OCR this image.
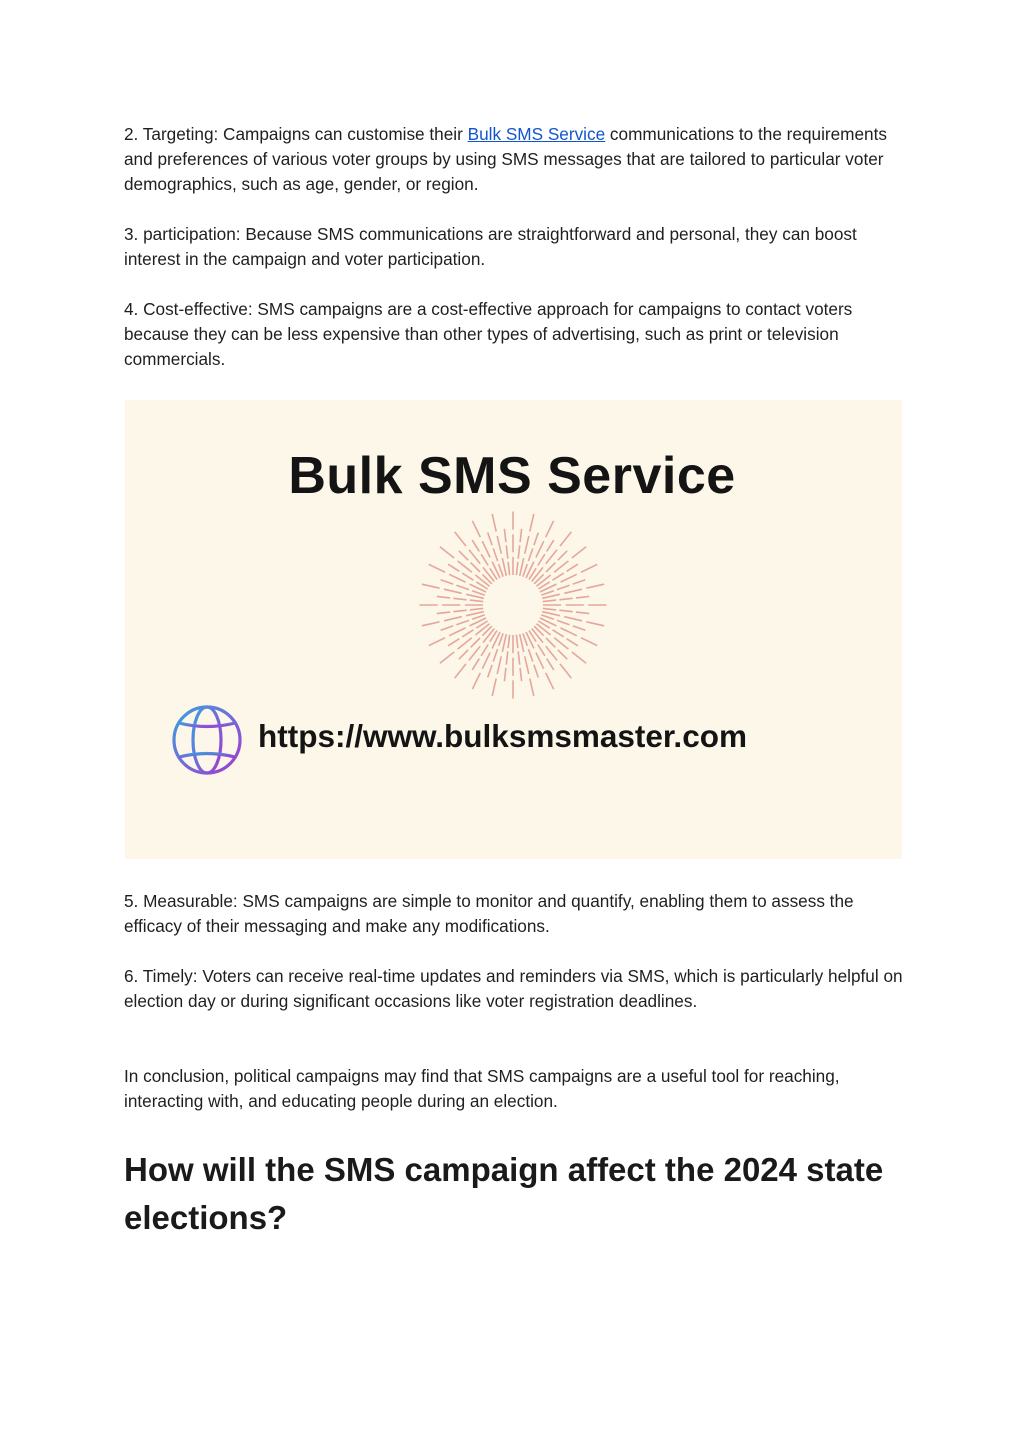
2. Targeting: Campaigns can customise their Bulk SMS Service communications to the requirements and preferences of various voter groups by using SMS messages that are tailored to particular voter demographics, such as age, gender, or region.

3. participation: Because SMS communications are straightforward and personal, they can boost interest in the campaign and voter participation.

4. Cost-effective: SMS campaigns are a cost-effective approach for campaigns to contact voters because they can be less expensive than other types of advertising, such as print or television commercials.

Bulk SMS Service
https://www.bulksmsmaster.com

5. Measurable: SMS campaigns are simple to monitor and quantify, enabling them to assess the efficacy of their messaging and make any modifications.

6. Timely: Voters can receive real-time updates and reminders via SMS, which is particularly helpful on election day or during significant occasions like voter registration deadlines.

In conclusion, political campaigns may find that SMS campaigns are a useful tool for reaching, interacting with, and educating people during an election.

How will the SMS campaign affect the 2024 state elections?
